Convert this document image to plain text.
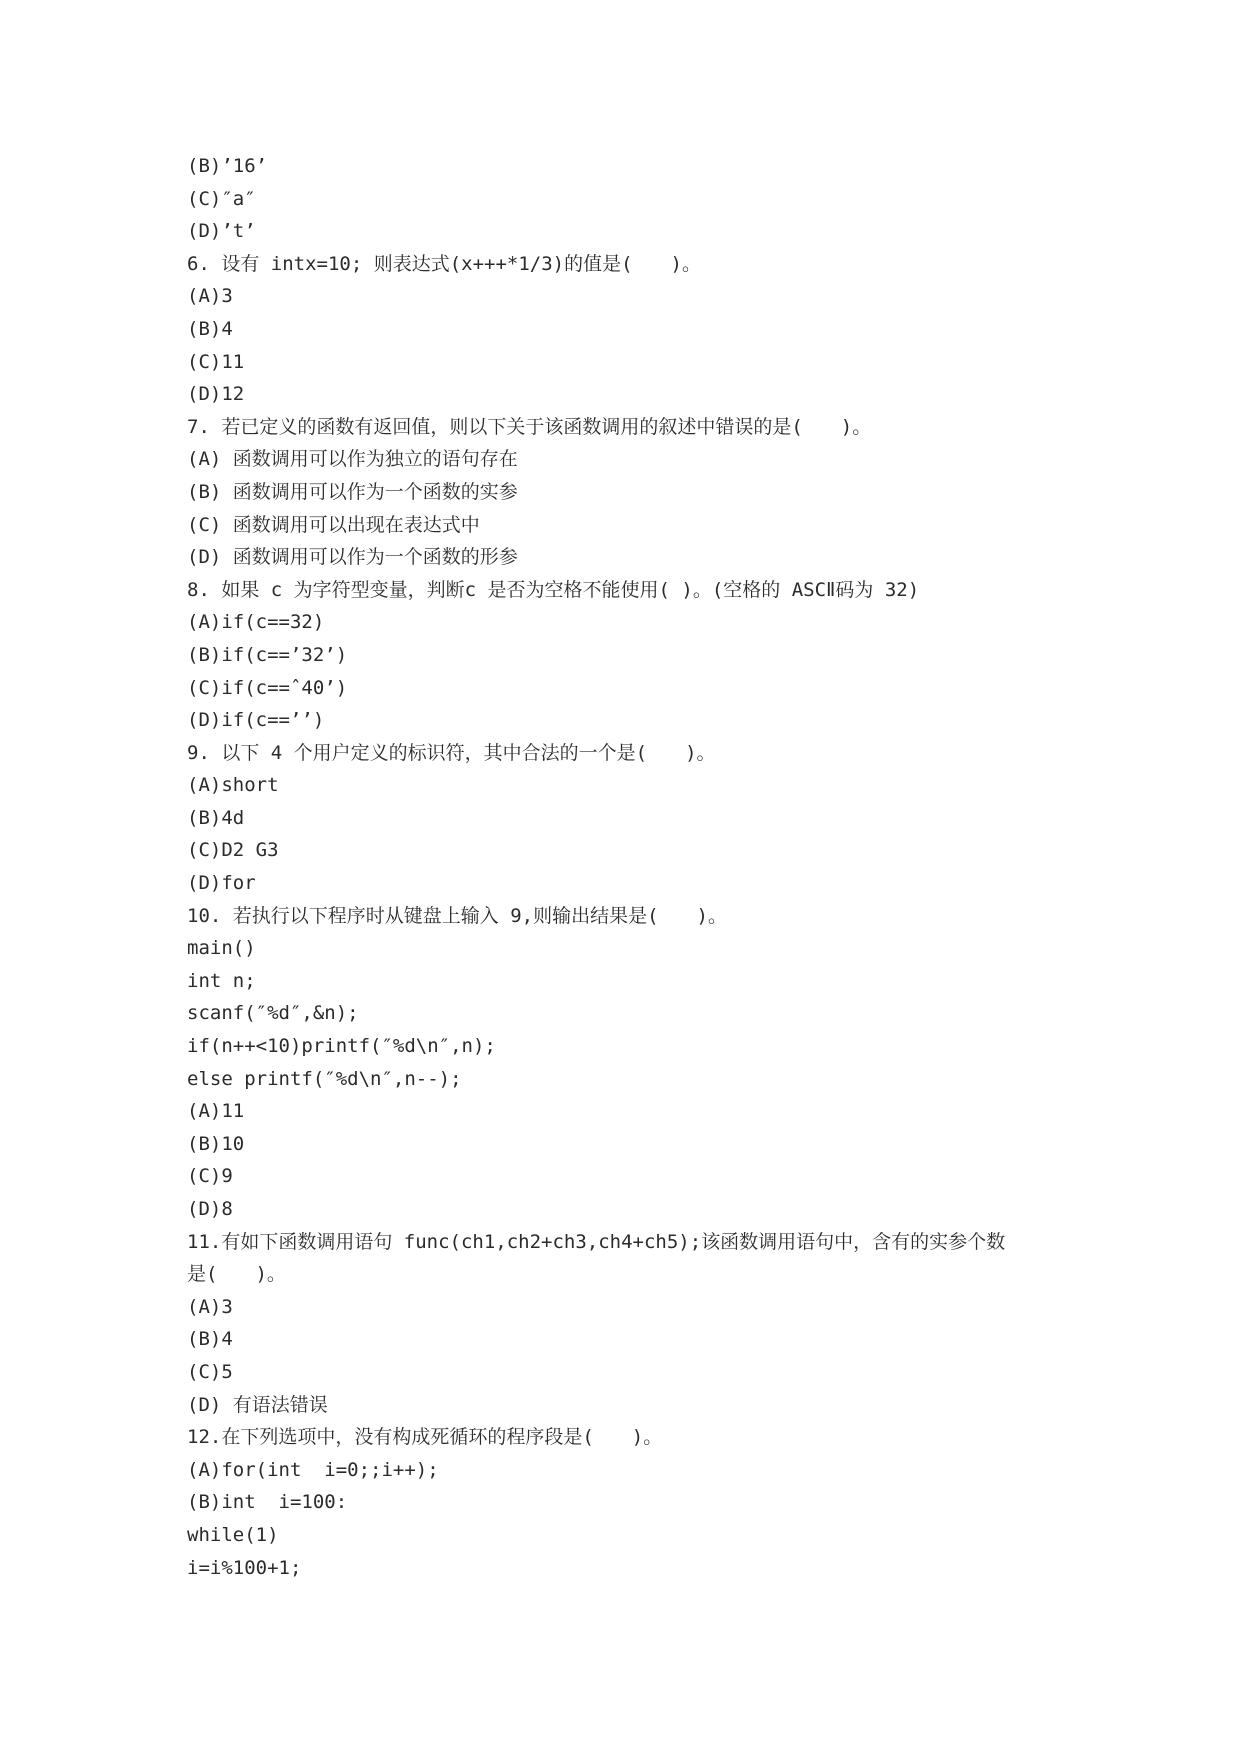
(B)’16’
(C)″a″
(D)’t’
6. 设有 intx=10; 则表达式(x+++*1/3)的值是(　　)。
(A)3
(B)4
(C)11
(D)12
7. 若已定义的函数有返回值，则以下关于该函数调用的叙述中错误的是(　　)。
(A) 函数调用可以作为独立的语句存在
(B) 函数调用可以作为一个函数的实参
(C) 函数调用可以出现在表达式中
(D) 函数调用可以作为一个函数的形参
8. 如果 c 为字符型变量，判断c 是否为空格不能使用( )。(空格的 ASCⅡ码为 32)
(A)if(c==32)
(B)if(c==’32’)
(C)if(c==ˆ40’)
(D)if(c==’’)
9. 以下 4 个用户定义的标识符，其中合法的一个是(　　)。
(A)short
(B)4d
(C)D2 G3
(D)for
10. 若执行以下程序时从键盘上输入 9,则输出结果是(　　)。
main()
int n;
scanf(″%d″,&n);
if(n++<10)printf(″%d\n″,n);
else printf(″%d\n″,n--);
(A)11
(B)10
(C)9
(D)8
11.有如下函数调用语句 func(ch1,ch2+ch3,ch4+ch5);该函数调用语句中，含有的实参个数
是(　　)。
(A)3
(B)4
(C)5
(D) 有语法错误
12.在下列选项中，没有构成死循环的程序段是(　　)。
(A)for(int  i=0;;i++);
(B)int  i=100:
while(1)
i=i%100+1;
